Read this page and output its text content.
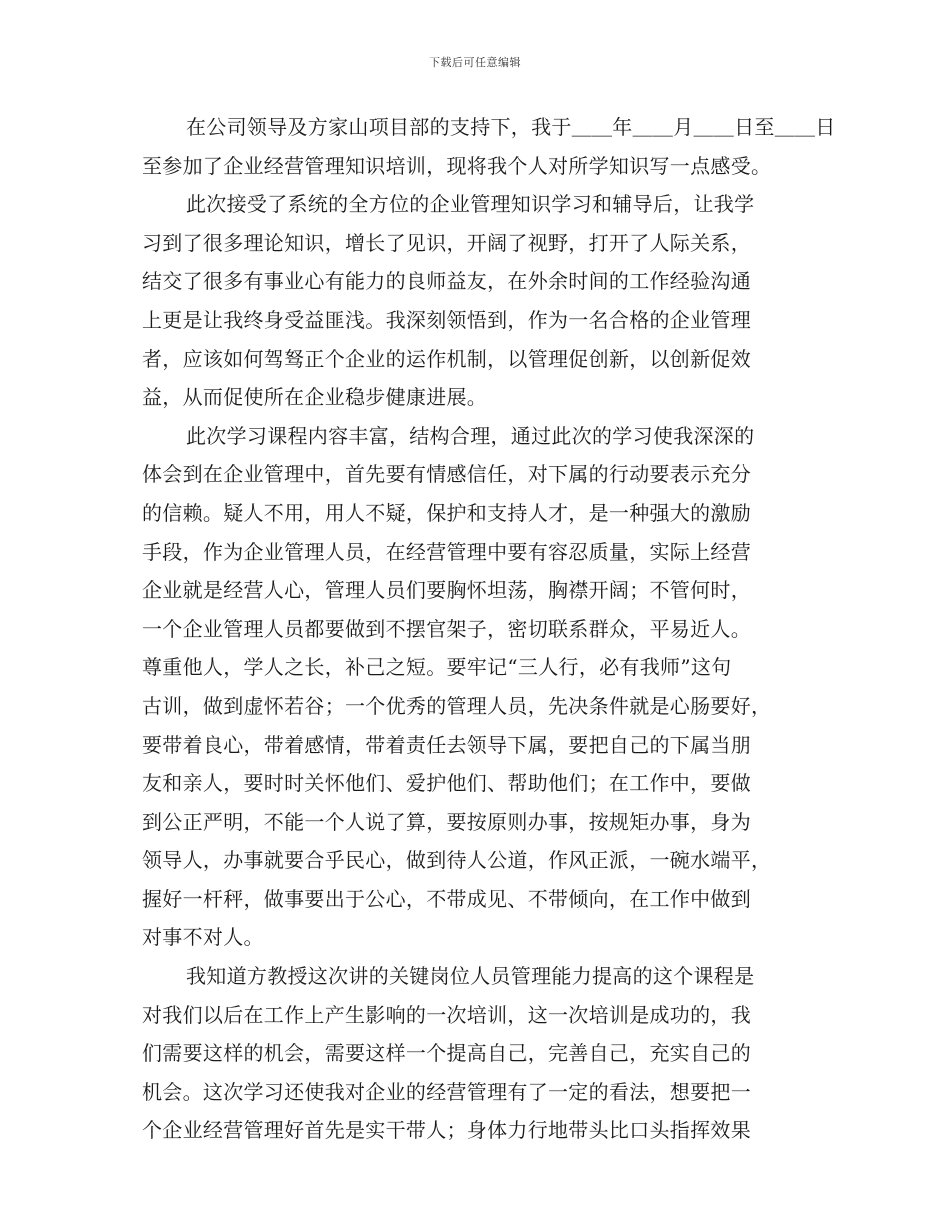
下载后可任意编辑
在公司领导及方家山项目部的支持下，我于＿＿年＿＿月＿＿日至＿＿日
至参加了企业经营管理知识培训，现将我个人对所学知识写一点感受。
此次接受了系统的全方位的企业管理知识学习和辅导后，让我学
习到了很多理论知识，增长了见识，开阔了视野，打开了人际关系，
结交了很多有事业心有能力的良师益友，在外余时间的工作经验沟通
上更是让我终身受益匪浅。我深刻领悟到，作为一名合格的企业管理
者，应该如何驾驽正个企业的运作机制，以管理促创新，以创新促效
益，从而促使所在企业稳步健康进展。
此次学习课程内容丰富，结构合理，通过此次的学习使我深深的
体会到在企业管理中，首先要有情感信任，对下属的行动要表示充分
的信赖。疑人不用，用人不疑，保护和支持人才，是一种强大的激励
手段，作为企业管理人员，在经营管理中要有容忍质量，实际上经营
企业就是经营人心，管理人员们要胸怀坦荡，胸襟开阔；不管何时，
一个企业管理人员都要做到不摆官架子，密切联系群众，平易近人。
尊重他人，学人之长，补己之短。要牢记“三人行，必有我师”这句
古训，做到虚怀若谷；一个优秀的管理人员，先决条件就是心肠要好，
要带着良心，带着感情，带着责任去领导下属，要把自己的下属当朋
友和亲人，要时时关怀他们、爱护他们、帮助他们；在工作中，要做
到公正严明，不能一个人说了算，要按原则办事，按规矩办事，身为
领导人，办事就要合乎民心，做到待人公道，作风正派，一碗水端平，
握好一杆秤，做事要出于公心，不带成见、不带倾向，在工作中做到
对事不对人。
我知道方教授这次讲的关键岗位人员管理能力提高的这个课程是
对我们以后在工作上产生影响的一次培训，这一次培训是成功的，我
们需要这样的机会，需要这样一个提高自己，完善自己，充实自己的
机会。这次学习还使我对企业的经营管理有了一定的看法，想要把一
个企业经营管理好首先是实干带人；身体力行地带头比口头指挥效果
